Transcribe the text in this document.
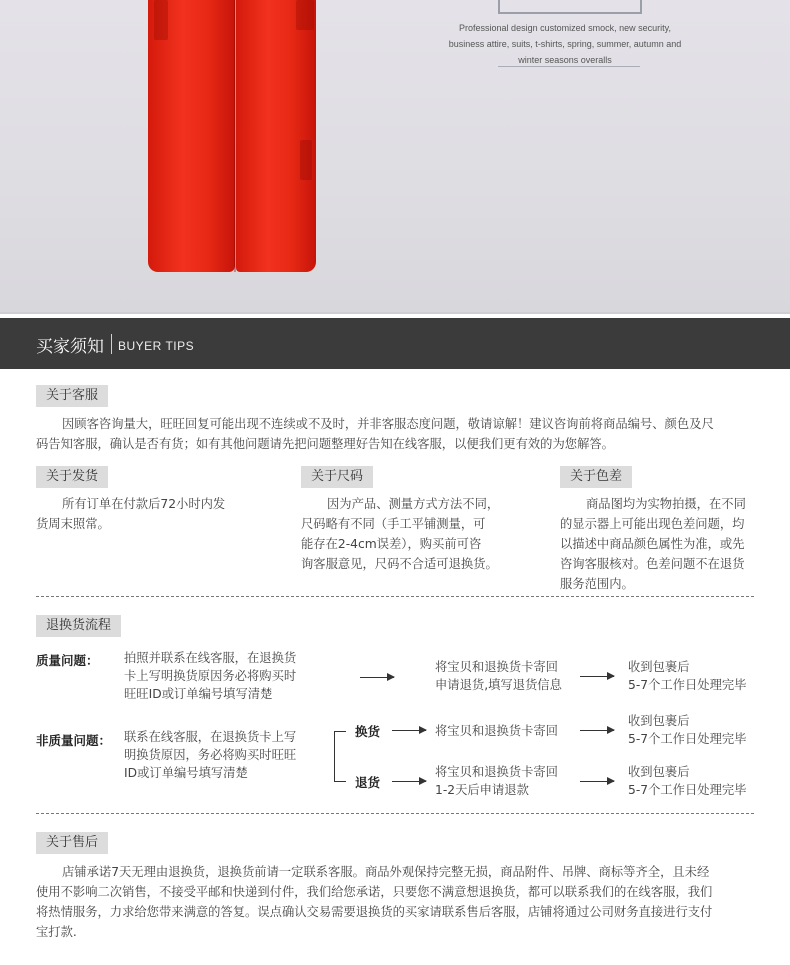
Professional design customized smock, new security,
business attire, suits, t-shirts, spring, summer, autumn and
winter seasons overalls
买家须知 BUYER TIPS
关于客服
因顾客咨询量大，旺旺回复可能出现不连续或不及时，并非客服态度问题，敬请谅解！建议咨询前将商品编号、颜色及尺
码告知客服，确认是否有货；如有其他问题请先把问题整理好告知在线客服，以便我们更有效的为您解答。
关于发货
所有订单在付款后72小时内发
货周末照常。
关于尺码
因为产品、测量方式方法不同，
尺码略有不同（手工平铺测量，可
能存在2-4cm误差），购买前可咨
询客服意见，尺码不合适可退换货。
关于色差
商品图均为实物拍摄，在不同
的显示器上可能出现色差问题，均
以描述中商品颜色属性为准，或先
咨询客服核对。色差问题不在退货
服务范围内。
退换货流程
质量问题： 拍照并联系在线客服，在退换货
卡上写明换货原因务必将购买时
旺旺ID或订单编号填写清楚
将宝贝和退换货卡寄回
申请退货,填写退货信息
收到包裹后
5-7个工作日处理完毕
非质量问题： 联系在线客服，在退换货卡上写
明换货原因，务必将购买时旺旺
ID或订单编号填写清楚
换货	将宝贝和退换货卡寄回
收到包裹后
5-7个工作日处理完毕
退货
将宝贝和退换货卡寄回
1-2天后申请退款
收到包裹后
5-7个工作日处理完毕
关于售后
店铺承诺7天无理由退换货，退换货前请一定联系客服。商品外观保持完整无损，商品附件、吊牌、商标等齐全，且未经
使用不影响二次销售，不接受平邮和快递到付件，我们给您承诺，只要您不满意想退换货，都可以联系我们的在线客服，我们
将热情服务，力求给您带来满意的答复。误点确认交易需要退换货的买家请联系售后客服，店铺将通过公司财务直接进行支付
宝打款.
